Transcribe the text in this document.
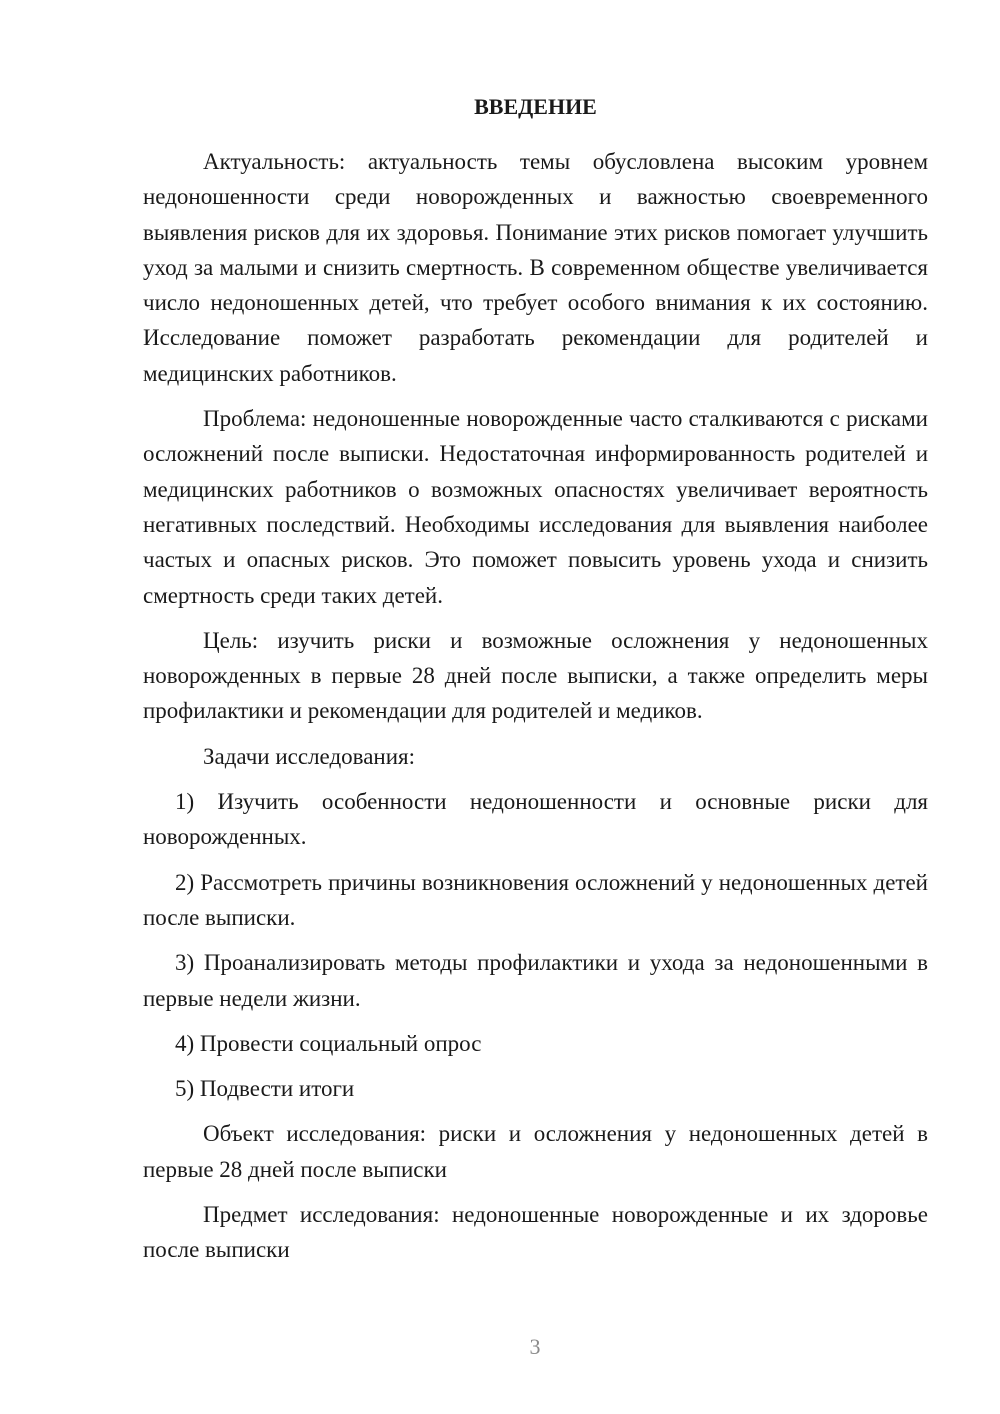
ВВЕДЕНИЕ

Актуальность: актуальность темы обусловлена высоким уровнем недоношенности среди новорожденных и важностью своевременного выявления рисков для их здоровья. Понимание этих рисков помогает улучшить уход за малыми и снизить смертность. В современном обществе увеличивается число недоношенных детей, что требует особого внимания к их состоянию. Исследование поможет разработать рекомендации для родителей и медицинских работников.

Проблема: недоношенные новорожденные часто сталкиваются с рисками осложнений после выписки. Недостаточная информированность родителей и медицинских работников о возможных опасностях увеличивает вероятность негативных последствий. Необходимы исследования для выявления наиболее частых и опасных рисков. Это поможет повысить уровень ухода и снизить смертность среди таких детей.

Цель: изучить риски и возможные осложнения у недоношенных новорожденных в первые 28 дней после выписки, а также определить меры профилактики и рекомендации для родителей и медиков.

Задачи исследования:

1) Изучить особенности недоношенности и основные риски для новорожденных.

2) Рассмотреть причины возникновения осложнений у недоношенных детей после выписки.

3) Проанализировать методы профилактики и ухода за недоношенными в первые недели жизни.

4) Провести социальный опрос

5) Подвести итоги

Объект исследования: риски и осложнения у недоношенных детей в первые 28 дней после выписки

Предмет исследования: недоношенные новорожденные и их здоровье после выписки

3
